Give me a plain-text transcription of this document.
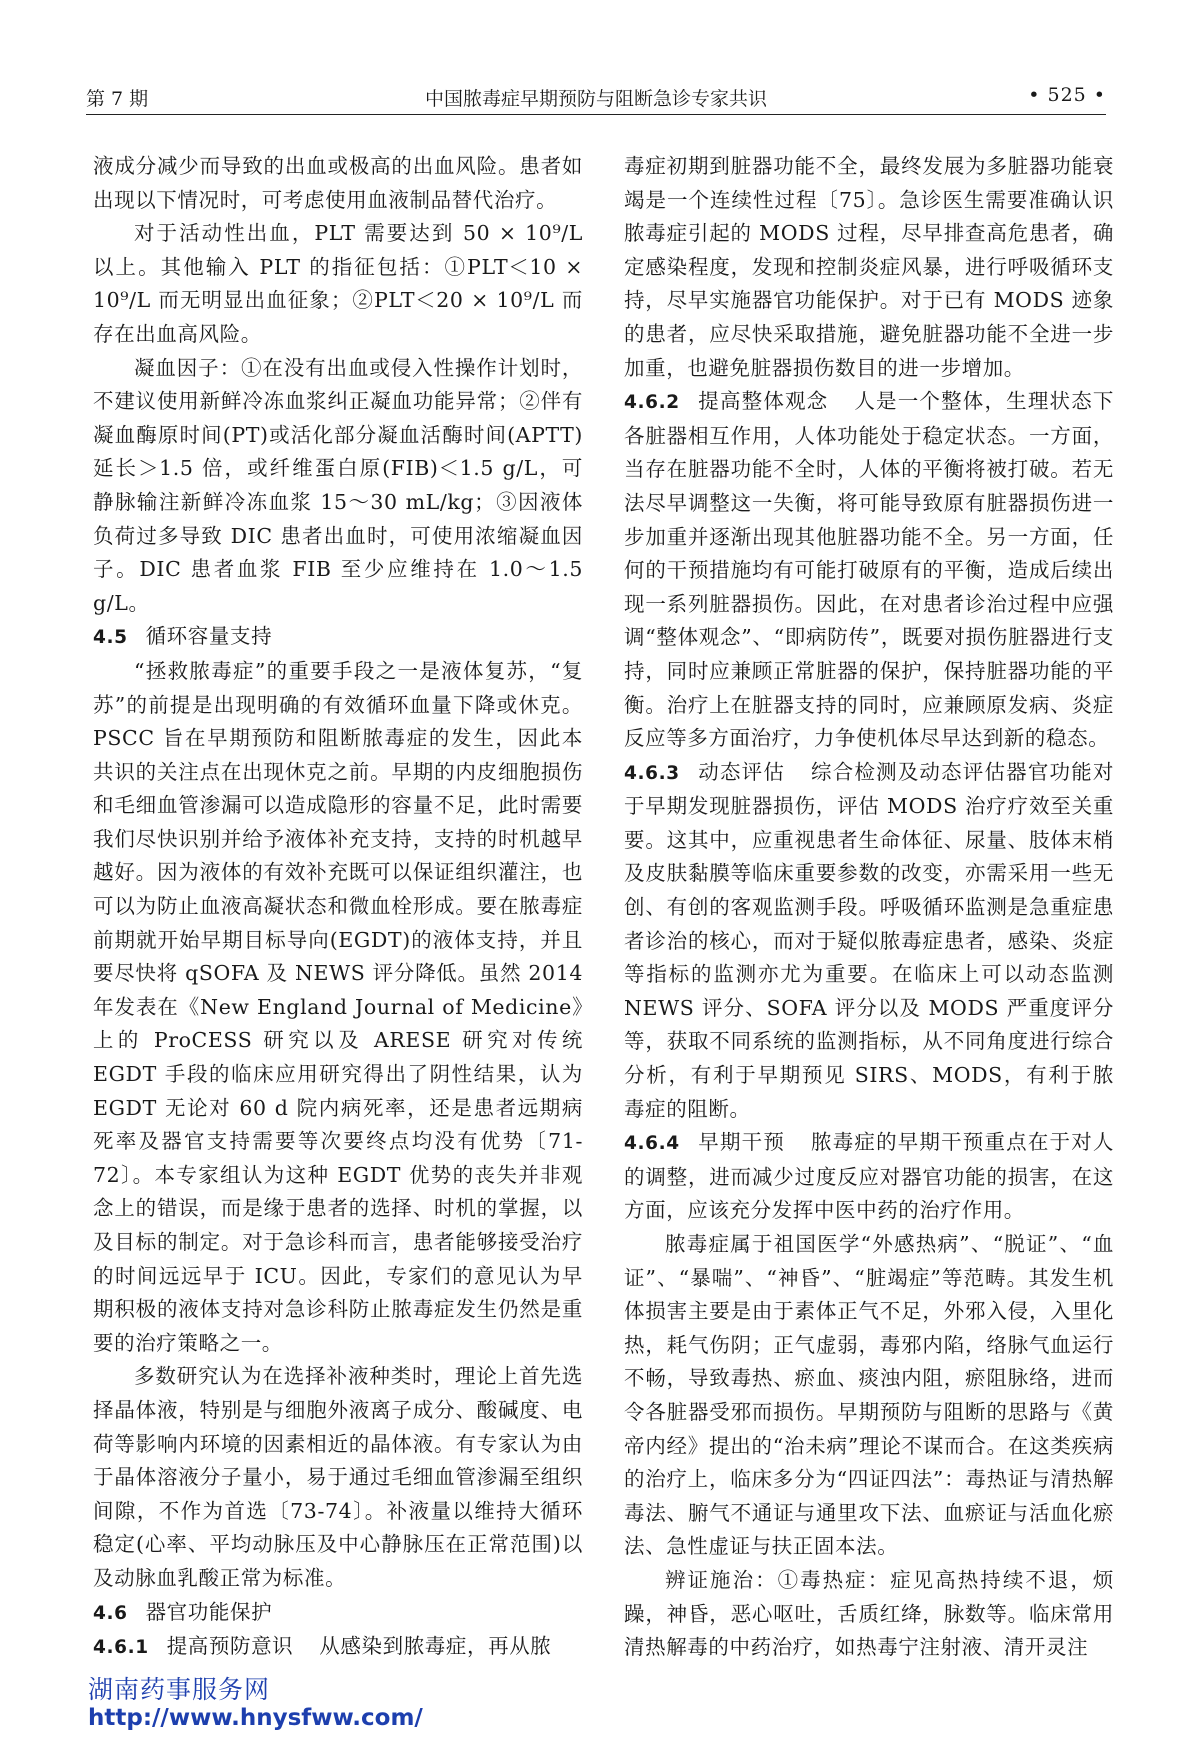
第 7 期	中国脓毒症早期预防与阻断急诊专家共识	• 525 •

液成分减少而导致的出血或极高的出血风险。患者如出现以下情况时，可考虑使用血液制品替代治疗。

对于活动性出血，PLT 需要达到 50 × 10⁹/L 以上。其他输入 PLT 的指征包括：①PLT＜10 × 10⁹/L 而无明显出血征象；②PLT＜20 × 10⁹/L 而存在出血高风险。

凝血因子：①在没有出血或侵入性操作计划时，不建议使用新鲜冷冻血浆纠正凝血功能异常；②伴有凝血酶原时间(PT)或活化部分凝血活酶时间(APTT)延长＞1.5 倍，或纤维蛋白原(FIB)＜1.5 g/L，可静脉输注新鲜冷冻血浆 15～30 mL/kg；③因液体负荷过多导致 DIC 患者出血时，可使用浓缩凝血因子。DIC 患者血浆 FIB 至少应维持在 1.0～1.5 g/L。

4.5 循环容量支持

“拯救脓毒症”的重要手段之一是液体复苏，“复苏”的前提是出现明确的有效循环血量下降或休克。PSCC 旨在早期预防和阻断脓毒症的发生，因此本共识的关注点在出现休克之前。早期的内皮细胞损伤和毛细血管渗漏可以造成隐形的容量不足，此时需要我们尽快识别并给予液体补充支持，支持的时机越早越好。因为液体的有效补充既可以保证组织灌注，也可以为防止血液高凝状态和微血栓形成。要在脓毒症前期就开始早期目标导向(EGDT)的液体支持，并且要尽快将 qSOFA 及 NEWS 评分降低。虽然 2014 年发表在《New England Journal of Medicine》上的 ProCESS 研究以及 ARESE 研究对传统 EGDT 手段的临床应用研究得出了阴性结果，认为 EGDT 无论对 60 d 院内病死率，还是患者远期病死率及器官支持需要等次要终点均没有优势〔71-72〕。本专家组认为这种 EGDT 优势的丧失并非观念上的错误，而是缘于患者的选择、时机的掌握，以及目标的制定。对于急诊科而言，患者能够接受治疗的时间远远早于 ICU。因此，专家们的意见认为早期积极的液体支持对急诊科防止脓毒症发生仍然是重要的治疗策略之一。

多数研究认为在选择补液种类时，理论上首先选择晶体液，特别是与细胞外液离子成分、酸碱度、电荷等影响内环境的因素相近的晶体液。有专家认为由于晶体溶液分子量小，易于通过毛细血管渗漏至组织间隙，不作为首选〔73-74〕。补液量以维持大循环稳定(心率、平均动脉压及中心静脉压在正常范围)以及动脉血乳酸正常为标准。

4.6 器官功能保护

4.6.1 提高预防意识 从感染到脓毒症，再从脓

毒症初期到脏器功能不全，最终发展为多脏器功能衰竭是一个连续性过程〔75〕。急诊医生需要准确认识脓毒症引起的 MODS 过程，尽早排查高危患者，确定感染程度，发现和控制炎症风暴，进行呼吸循环支持，尽早实施器官功能保护。对于已有 MODS 迹象的患者，应尽快采取措施，避免脏器功能不全进一步加重，也避免脏器损伤数目的进一步增加。

4.6.2 提高整体观念 人是一个整体，生理状态下各脏器相互作用，人体功能处于稳定状态。一方面，当存在脏器功能不全时，人体的平衡将被打破。若无法尽早调整这一失衡，将可能导致原有脏器损伤进一步加重并逐渐出现其他脏器功能不全。另一方面，任何的干预措施均有可能打破原有的平衡，造成后续出现一系列脏器损伤。因此，在对患者诊治过程中应强调“整体观念”、“即病防传”，既要对损伤脏器进行支持，同时应兼顾正常脏器的保护，保持脏器功能的平衡。治疗上在脏器支持的同时，应兼顾原发病、炎症反应等多方面治疗，力争使机体尽早达到新的稳态。

4.6.3 动态评估 综合检测及动态评估器官功能对于早期发现脏器损伤，评估 MODS 治疗疗效至关重要。这其中，应重视患者生命体征、尿量、肢体末梢及皮肤黏膜等临床重要参数的改变，亦需采用一些无创、有创的客观监测手段。呼吸循环监测是急重症患者诊治的核心，而对于疑似脓毒症患者，感染、炎症等指标的监测亦尤为重要。在临床上可以动态监测 NEWS 评分、SOFA 评分以及 MODS 严重度评分等，获取不同系统的监测指标，从不同角度进行综合分析，有利于早期预见 SIRS、MODS，有利于脓毒症的阻断。

4.6.4 早期干预 脓毒症的早期干预重点在于对人的调整，进而减少过度反应对器官功能的损害，在这方面，应该充分发挥中医中药的治疗作用。

脓毒症属于祖国医学“外感热病”、“脱证”、“血证”、“暴喘”、“神昏”、“脏竭症”等范畴。其发生机体损害主要是由于素体正气不足，外邪入侵，入里化热，耗气伤阴；正气虚弱，毒邪内陷，络脉气血运行不畅，导致毒热、瘀血、痰浊内阻，瘀阻脉络，进而令各脏器受邪而损伤。早期预防与阻断的思路与《黄帝内经》提出的“治未病”理论不谋而合。在这类疾病的治疗上，临床多分为“四证四法”：毒热证与清热解毒法、腑气不通证与通里攻下法、血瘀证与活血化瘀法、急性虚证与扶正固本法。

辨证施治：①毒热症：症见高热持续不退，烦躁，神昏，恶心呕吐，舌质红绛，脉数等。临床常用清热解毒的中药治疗，如热毒宁注射液、清开灵注

湖南药事服务网
http://www.hnysfww.com/
